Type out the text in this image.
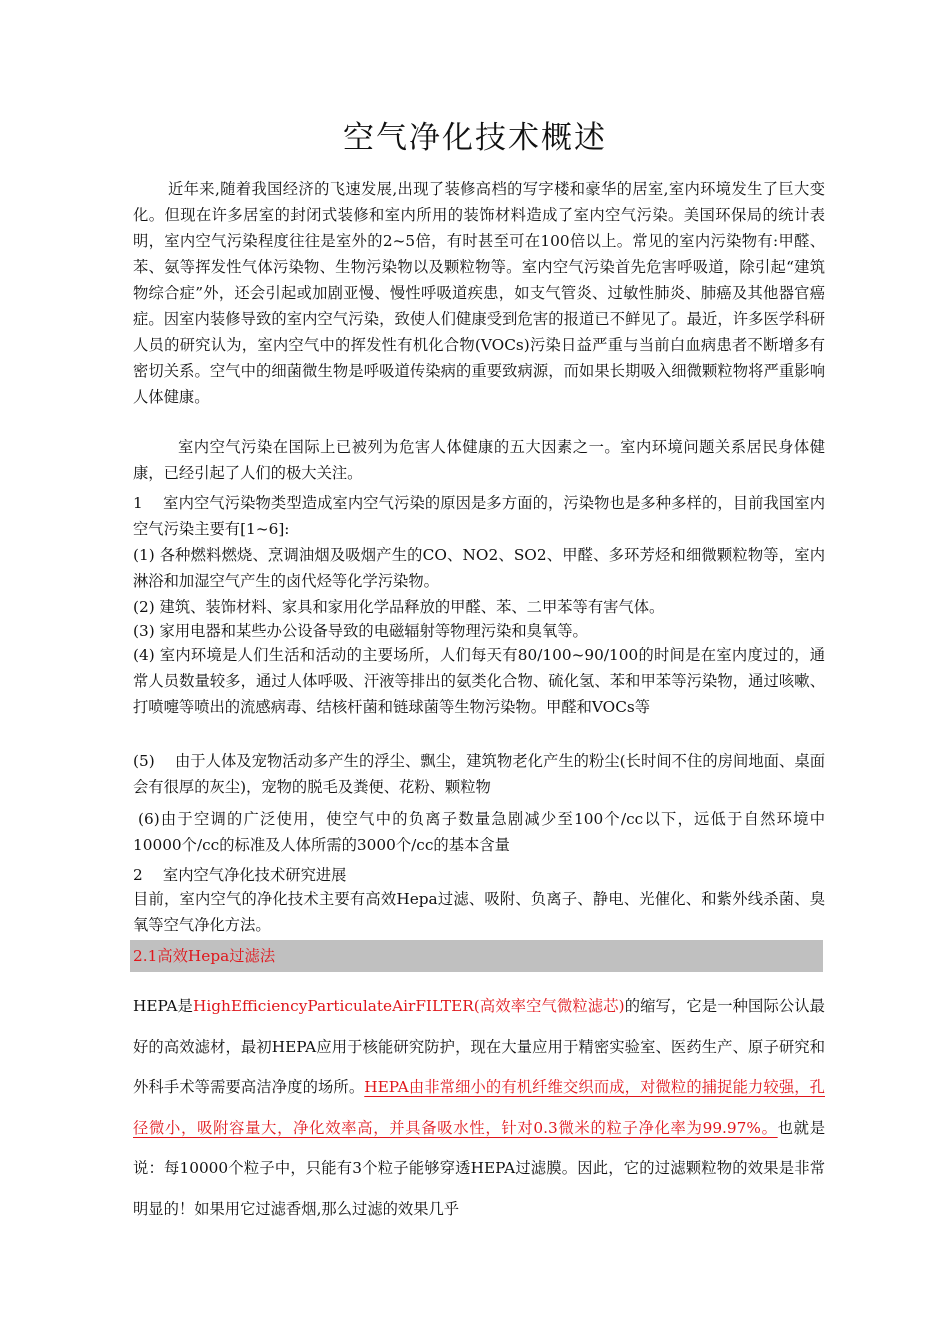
空气净化技术概述
近年来,随着我国经济的飞速发展,出现了装修高档的写字楼和豪华的居室,室内环境发生了巨大变化。但现在许多居室的封闭式装修和室内所用的装饰材料造成了室内空气污染。美国环保局的统计表明，室内空气污染程度往往是室外的2~5倍，有时甚至可在100倍以上。常见的室内污染物有:甲醛、苯、氨等挥发性气体污染物、生物污染物以及颗粒物等。室内空气污染首先危害呼吸道，除引起“建筑物综合症”外，还会引起或加剧亚慢、慢性呼吸道疾患，如支气管炎、过敏性肺炎、肺癌及其他器官癌症。因室内装修导致的室内空气污染，致使人们健康受到危害的报道已不鲜见了。最近，许多医学科研人员的研究认为，室内空气中的挥发性有机化合物(VOCs)污染日益严重与当前白血病患者不断增多有密切关系。空气中的细菌微生物是呼吸道传染病的重要致病源，而如果长期吸入细微颗粒物将严重影响人体健康。
室内空气污染在国际上已被列为危害人体健康的五大因素之一。室内环境问题关系居民身体健康，已经引起了人们的极大关注。
1　 室内空气污染物类型造成室内空气污染的原因是多方面的，污染物也是多种多样的，目前我国室内空气污染主要有[1~6]:
(1) 各种燃料燃烧、烹调油烟及吸烟产生的CO、NO2、SO2、甲醛、多环芳烃和细微颗粒物等，室内淋浴和加湿空气产生的卤代烃等化学污染物。
(2) 建筑、装饰材料、家具和家用化学品释放的甲醛、苯、二甲苯等有害气体。
(3) 家用电器和某些办公设备导致的电磁辐射等物理污染和臭氧等。
(4) 室内环境是人们生活和活动的主要场所，人们每天有80/100~90/100的时间是在室内度过的，通常人员数量较多，通过人体呼吸、汗液等排出的氨类化合物、硫化氢、苯和甲苯等污染物，通过咳嗽、打喷嚏等喷出的流感病毒、结核杆菌和链球菌等生物污染物。甲醛和VOCs等
(5)　 由于人体及宠物活动多产生的浮尘、飘尘，建筑物老化产生的粉尘(长时间不住的房间地面、桌面会有很厚的灰尘)，宠物的脱毛及粪便、花粉、颗粒物
(6)由于空调的广泛使用，使空气中的负离子数量急剧减少至100个/cc以下，远低于自然环境中10000个/cc的标准及人体所需的3000个/cc的基本含量
2　 室内空气净化技术研究进展
目前，室内空气的净化技术主要有高效Hepa过滤、吸附、负离子、静电、光催化、和紫外线杀菌、臭氧等空气净化方法。
2.1高效Hepa过滤法
HEPA是HighEfficiencyParticulateAirFILTER(高效率空气微粒滤芯)的缩写，它是一种国际公认最好的高效滤材，最初HEPA应用于核能研究防护，现在大量应用于精密实验室、医药生产、原子研究和外科手术等需要高洁净度的场所。HEPA由非常细小的有机纤维交织而成，对微粒的捕捉能力较强，孔径微小，吸附容量大，净化效率高，并具备吸水性，针对0.3微米的粒子净化率为99.97%。也就是说：每10000个粒子中，只能有3个粒子能够穿透HEPA过滤膜。因此，它的过滤颗粒物的效果是非常明显的！如果用它过滤香烟,那么过滤的效果几乎
